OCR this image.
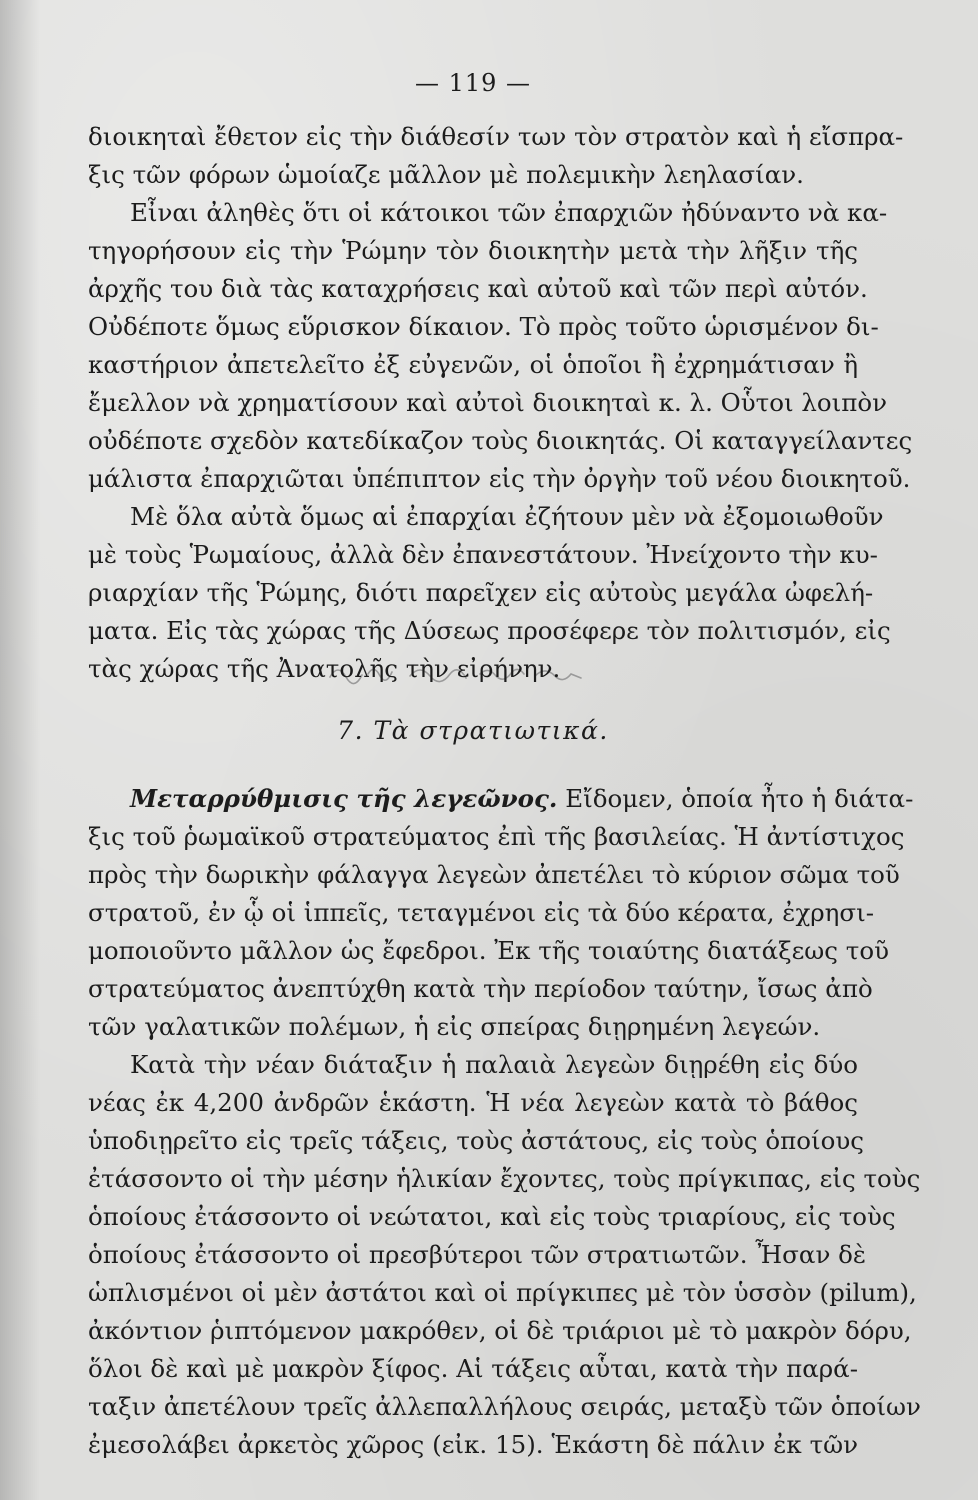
— 119 —
διοικηταὶ ἔθετον εἰς τὴν διάθεσίν των τὸν στρατὸν καὶ ἡ εἴσπρα-
ξις τῶν φόρων ὡμοίαζε μᾶλλον μὲ πολεμικὴν λεηλασίαν.
Εἶναι ἀληθὲς ὅτι οἱ κάτοικοι τῶν ἐπαρχιῶν ἠδύναντο νὰ κα-
τηγορήσουν εἰς τὴν Ῥώμην τὸν διοικητὴν μετὰ τὴν λῆξιν τῆς
ἀρχῆς του διὰ τὰς καταχρήσεις καὶ αὐτοῦ καὶ τῶν περὶ αὐτόν.
Οὐδέποτε ὅμως εὕρισκον δίκαιον. Τὸ πρὸς τοῦτο ὡρισμένον δι-
καστήριον ἀπετελεῖτο ἐξ εὐγενῶν, οἱ ὁποῖοι ἢ ἐχρημάτισαν ἢ
ἔμελλον νὰ χρηματίσουν καὶ αὐτοὶ διοικηταὶ κ. λ. Οὗτοι λοιπὸν
οὐδέποτε σχεδὸν κατεδίκαζον τοὺς διοικητάς. Οἱ καταγγείλαντες
μάλιστα ἐπαρχιῶται ὑπέπιπτον εἰς τὴν ὀργὴν τοῦ νέου διοικητοῦ.
Μὲ ὅλα αὐτὰ ὅμως αἱ ἐπαρχίαι ἐζήτουν μὲν νὰ ἐξομοιωθοῦν
μὲ τοὺς Ῥωμαίους, ἀλλὰ δὲν ἐπανεστάτουν. Ἠνείχοντο τὴν κυ-
ριαρχίαν τῆς Ῥώμης, διότι παρεῖχεν εἰς αὐτοὺς μεγάλα ὠφελή-
ματα. Εἰς τὰς χώρας τῆς Δύσεως προσέφερε τὸν πολιτισμόν, εἰς
τὰς χώρας τῆς Ἀνατολῆς τὴν εἰρήνην.
7. Τὰ στρατιωτικά.
Μεταρρύθμισις τῆς λεγεῶνος. Εἴδομεν, ὁποία ἦτο ἡ διάτα-
ξις τοῦ ῥωμαϊκοῦ στρατεύματος ἐπὶ τῆς βασιλείας. Ἡ ἀντίστιχος
πρὸς τὴν δωρικὴν φάλαγγα λεγεὼν ἀπετέλει τὸ κύριον σῶμα τοῦ
στρατοῦ, ἐν ᾧ οἱ ἱππεῖς, τεταγμένοι εἰς τὰ δύο κέρατα, ἐχρησι-
μοποιοῦντο μᾶλλον ὡς ἔφεδροι. Ἐκ τῆς τοιαύτης διατάξεως τοῦ
στρατεύματος ἀνεπτύχθη κατὰ τὴν περίοδον ταύτην, ἴσως ἀπὸ
τῶν γαλατικῶν πολέμων, ἡ εἰς σπείρας διῃρημένη λεγεών.
Κατὰ τὴν νέαν διάταξιν ἡ παλαιὰ λεγεὼν διῃρέθη εἰς δύο
νέας ἐκ 4,200 ἀνδρῶν ἑκάστη. Ἡ νέα λεγεὼν κατὰ τὸ βάθος
ὑποδιῃρεῖτο εἰς τρεῖς τάξεις, τοὺς ἀστάτους, εἰς τοὺς ὁποίους
ἐτάσσοντο οἱ τὴν μέσην ἡλικίαν ἔχοντες, τοὺς πρίγκιπας, εἰς τοὺς
ὁποίους ἐτάσσοντο οἱ νεώτατοι, καὶ εἰς τοὺς τριαρίους, εἰς τοὺς
ὁποίους ἐτάσσοντο οἱ πρεσβύτεροι τῶν στρατιωτῶν. Ἦσαν δὲ
ὡπλισμένοι οἱ μὲν ἀστάτοι καὶ οἱ πρίγκιπες μὲ τὸν ὑσσὸν (pilum),
ἀκόντιον ῥιπτόμενον μακρόθεν, οἱ δὲ τριάριοι μὲ τὸ μακρὸν δόρυ,
ὅλοι δὲ καὶ μὲ μακρὸν ξίφος. Αἱ τάξεις αὗται, κατὰ τὴν παρά-
ταξιν ἀπετέλουν τρεῖς ἀλλεπαλλήλους σειράς, μεταξὺ τῶν ὁποίων
ἐμεσολάβει ἀρκετὸς χῶρος (εἰκ. 15). Ἑκάστη δὲ πάλιν ἐκ τῶν
